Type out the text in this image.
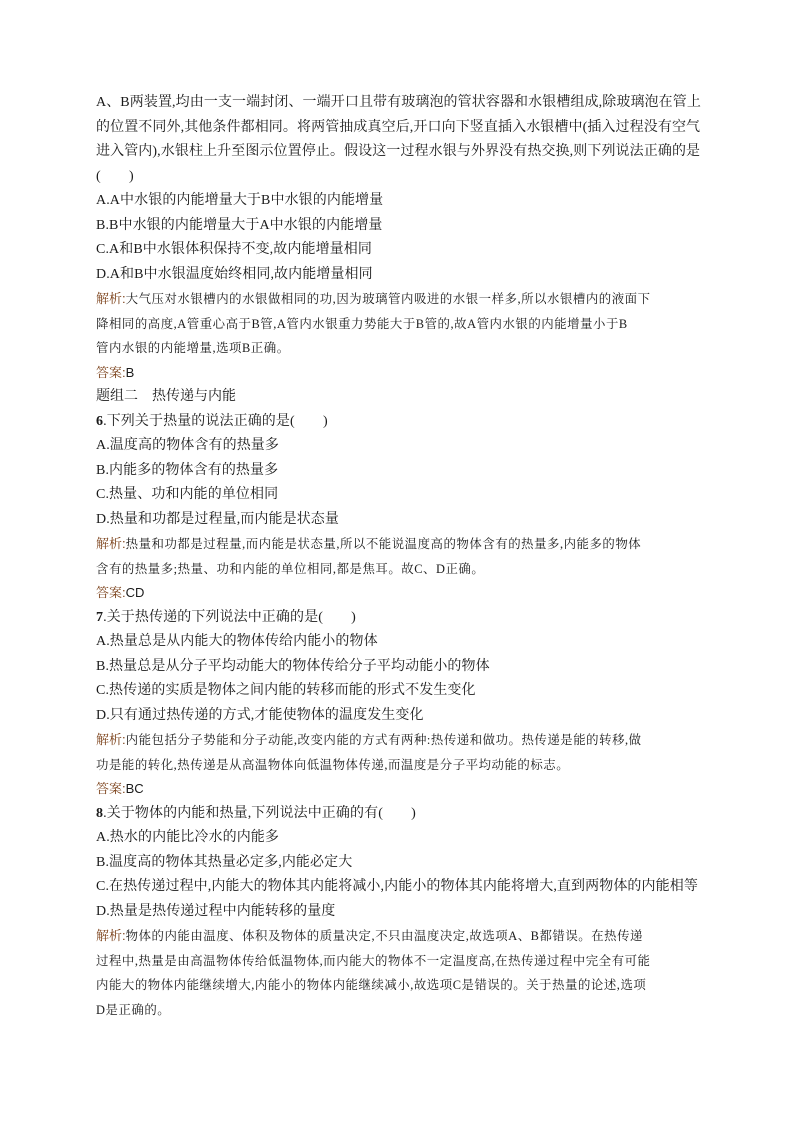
A、B两装置,均由一支一端封闭、一端开口且带有玻璃泡的管状容器和水银槽组成,除玻璃泡在管上
的位置不同外,其他条件都相同。将两管抽成真空后,开口向下竖直插入水银槽中(插入过程没有空气
进入管内),水银柱上升至图示位置停止。假设这一过程水银与外界没有热交换,则下列说法正确的是
(　　)
A.A中水银的内能增量大于B中水银的内能增量
B.B中水银的内能增量大于A中水银的内能增量
C.A和B中水银体积保持不变,故内能增量相同
D.A和B中水银温度始终相同,故内能增量相同
解析:大气压对水银槽内的水银做相同的功,因为玻璃管内吸进的水银一样多,所以水银槽内的液面下
降相同的高度,A管重心高于B管,A管内水银重力势能大于B管的,故A管内水银的内能增量小于B
管内水银的内能增量,选项B正确。
答案:B
题组二　热传递与内能
6.下列关于热量的说法正确的是(　　)
A.温度高的物体含有的热量多
B.内能多的物体含有的热量多
C.热量、功和内能的单位相同
D.热量和功都是过程量,而内能是状态量
解析:热量和功都是过程量,而内能是状态量,所以不能说温度高的物体含有的热量多,内能多的物体
含有的热量多;热量、功和内能的单位相同,都是焦耳。故C、D正确。
答案:CD
7.关于热传递的下列说法中正确的是(　　)
A.热量总是从内能大的物体传给内能小的物体
B.热量总是从分子平均动能大的物体传给分子平均动能小的物体
C.热传递的实质是物体之间内能的转移而能的形式不发生变化
D.只有通过热传递的方式,才能使物体的温度发生变化
解析:内能包括分子势能和分子动能,改变内能的方式有两种:热传递和做功。热传递是能的转移,做
功是能的转化,热传递是从高温物体向低温物体传递,而温度是分子平均动能的标志。
答案:BC
8.关于物体的内能和热量,下列说法中正确的有(　　)
A.热水的内能比冷水的内能多
B.温度高的物体其热量必定多,内能必定大
C.在热传递过程中,内能大的物体其内能将减小,内能小的物体其内能将增大,直到两物体的内能相等
D.热量是热传递过程中内能转移的量度
解析:物体的内能由温度、体积及物体的质量决定,不只由温度决定,故选项A、B都错误。在热传递
过程中,热量是由高温物体传给低温物体,而内能大的物体不一定温度高,在热传递过程中完全有可能
内能大的物体内能继续增大,内能小的物体内能继续减小,故选项C是错误的。关于热量的论述,选项
D是正确的。
